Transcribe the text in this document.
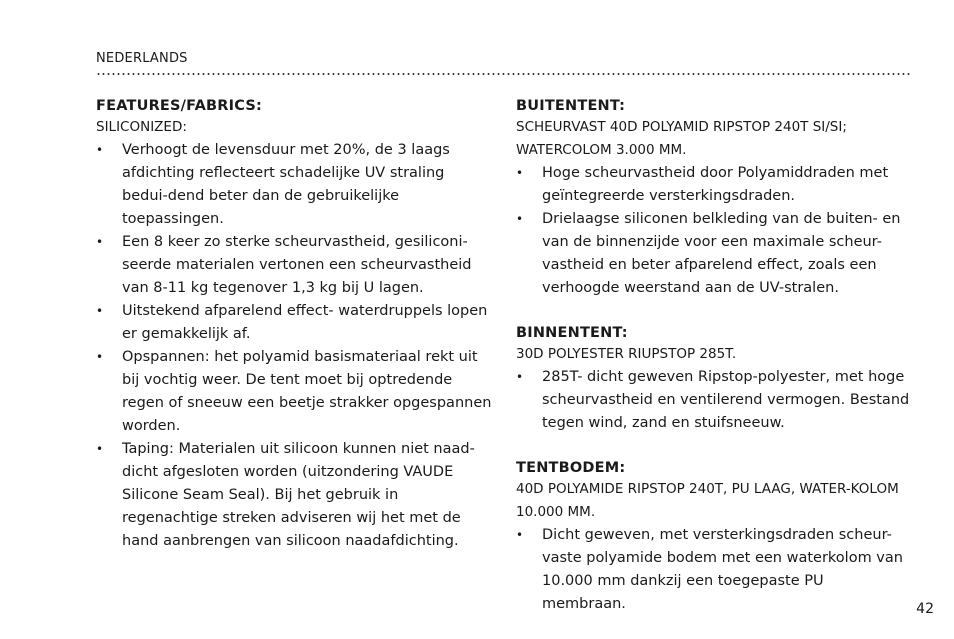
NEDERLANDS
FEATURES/FABRICS:

SILICONIZED:

• Verhoogt de levensduur met 20%, de 3 laags afdichting reflecteert schadelijke UV straling bedui-dend beter dan de gebruikelijke toepassingen.
• Een 8 keer zo sterke scheurvastheid, gesiliconi-seerde materialen vertonen een scheurvastheid van 8-11 kg tegenover 1,3 kg bij U lagen.
• Uitstekend afparelend effect- waterdruppels lopen er gemakkelijk af.
• Opspannen: het polyamid basismateriaal rekt uit bij vochtig weer. De tent moet bij optredende regen of sneeuw een beetje strakker opgespannen worden.
• Taping: Materialen uit silicoon kunnen niet naad-dicht afgesloten worden (uitzondering VAUDE Silicone Seam Seal). Bij het gebruik in regenachtige streken adviseren wij het met de hand aanbrengen van silicoon naadafdichting.
BUITENTENT:

SCHEURVAST 40D POLYAMID RIPSTOP 240T SI/SI; WATERCOLOM 3.000 MM.

• Hoge scheurvastheid door Polyamiddraden met geïntegreerde versterkingsdraden.
• Drielaagse siliconen belkleding van de buiten- en van de binnenzijde voor een maximale scheur-vastheid en beter afparelend effect, zoals een verhoogde weerstand aan de UV-stralen.
BINNENTENT:

30D POLYESTER RIUPSTOP 285T.

• 285T- dicht geweven Ripstop-polyester, met hoge scheurvastheid en ventilerend vermogen. Bestand tegen wind, zand en stuifsneeuw.
TENTBODEM:

40D POLYAMIDE RIPSTOP 240T, PU LAAG, WATER-KOLOM 10.000 MM.

• Dicht geweven, met versterkingsdraden scheur-vaste polyamide bodem met een waterkolom van 10.000 mm dankzij een toegepaste PU membraan.	42
